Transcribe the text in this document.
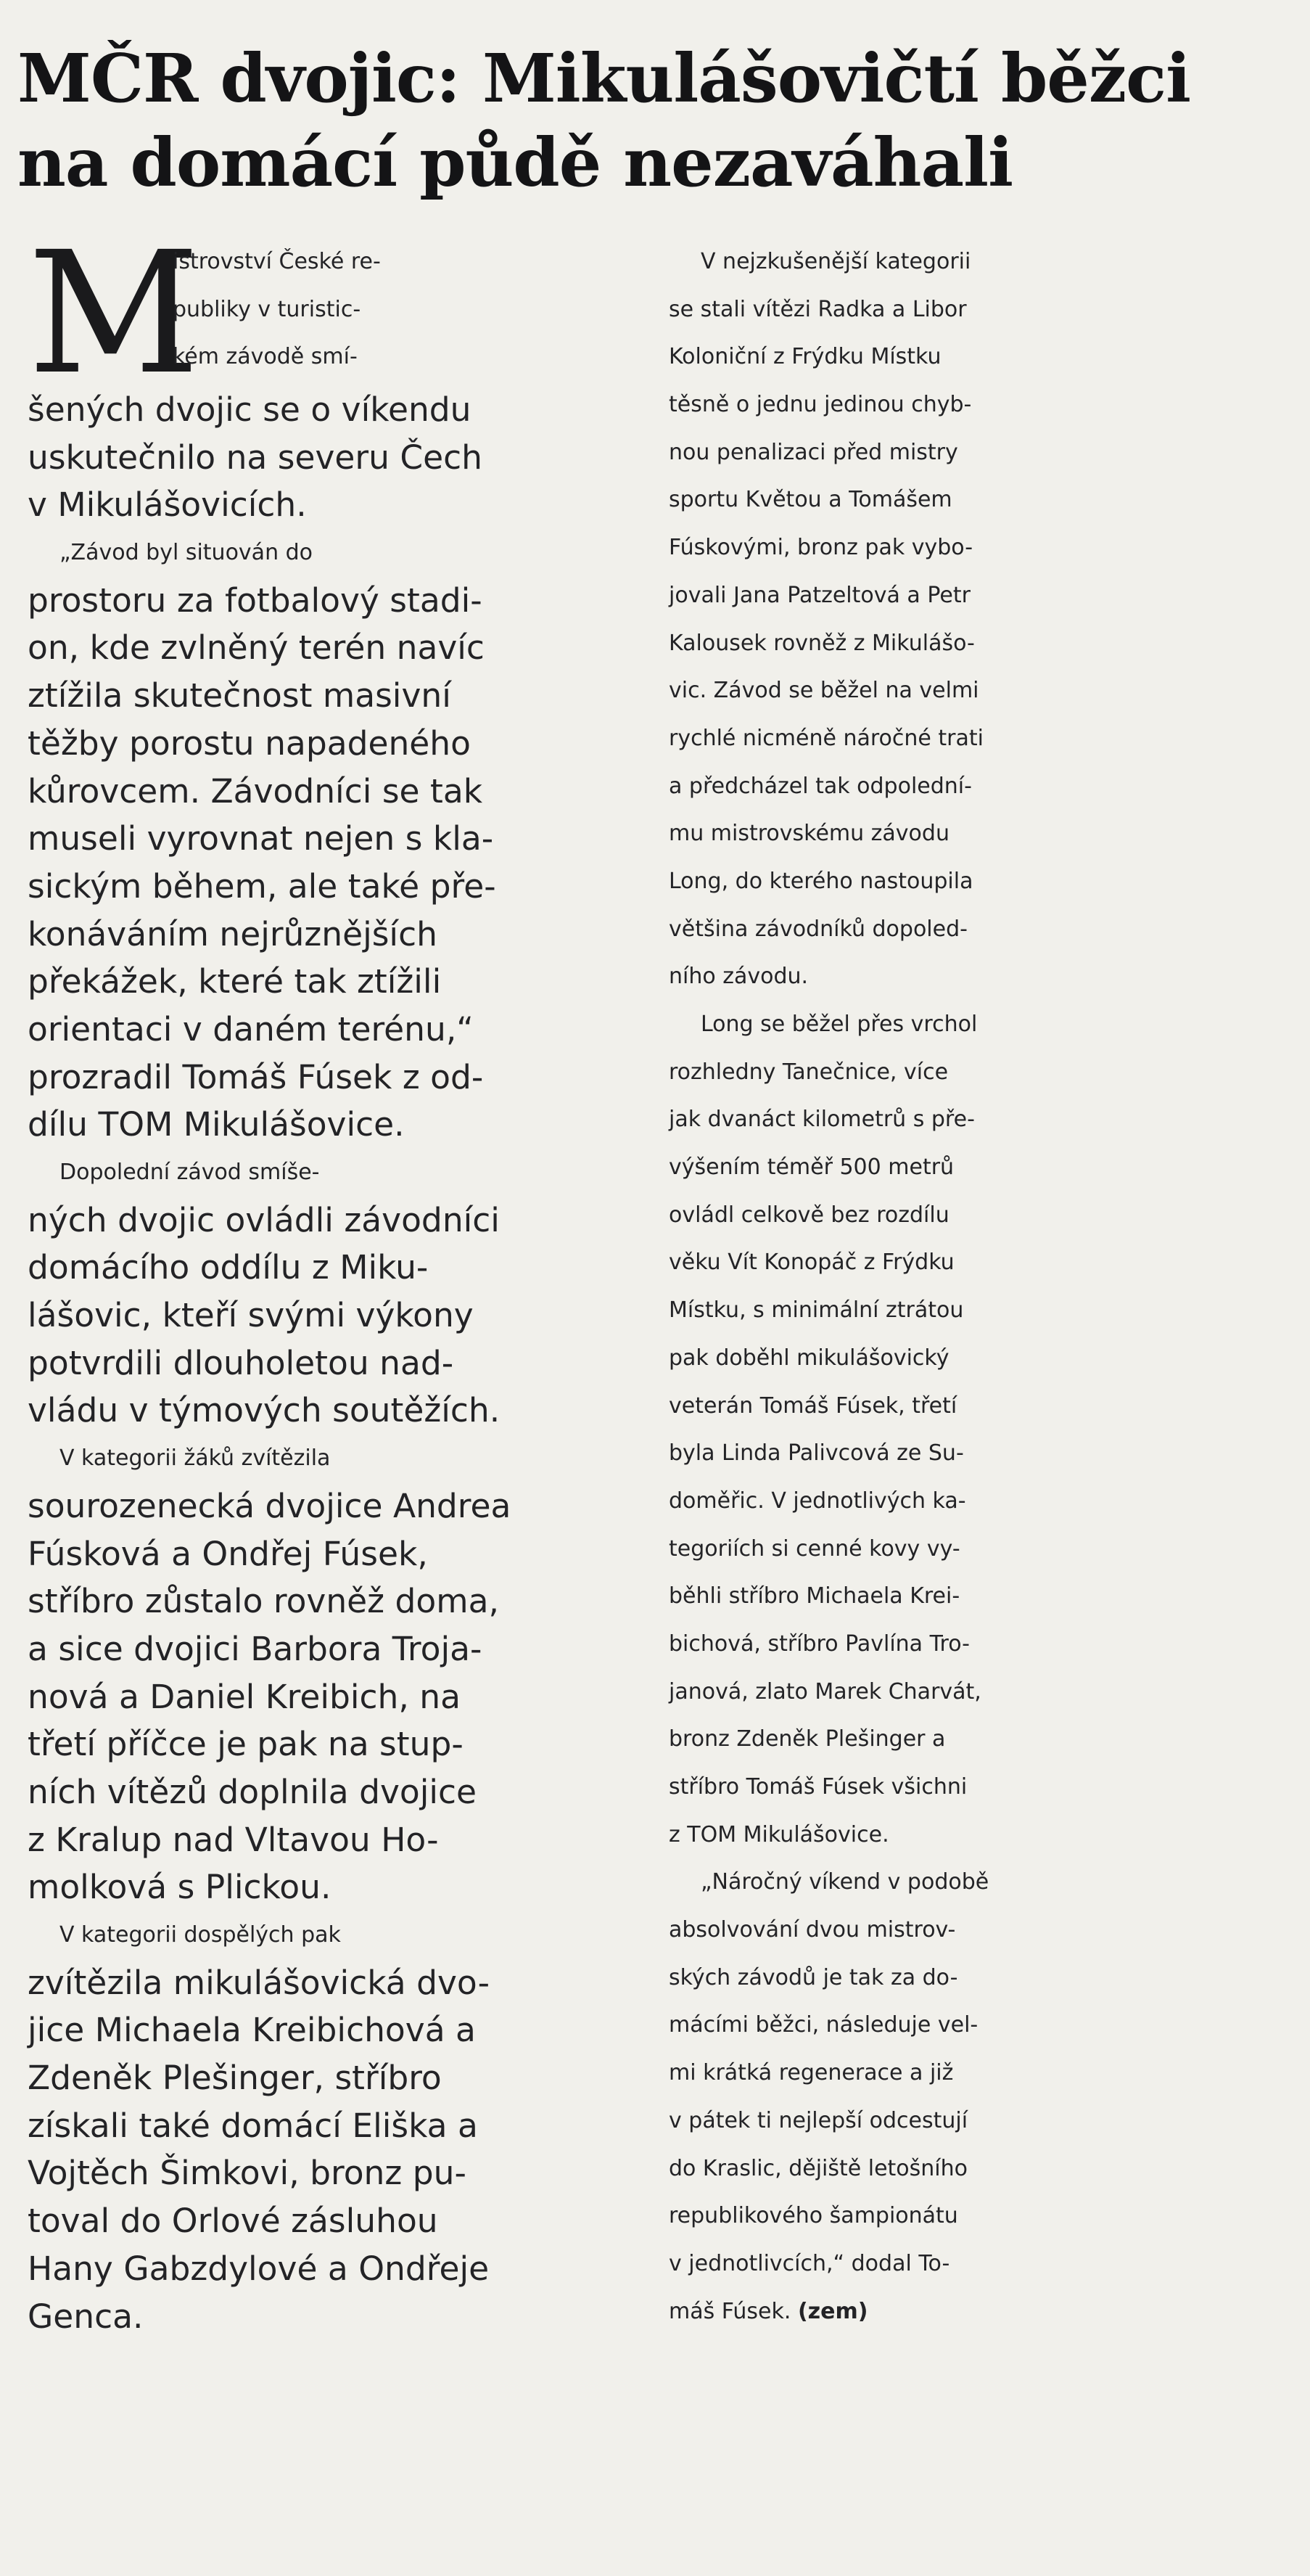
MČR dvojic: Mikulášovičtí běžci
na domácí půdě nezaváhali
M
istrovství České re-
publiky v turistic-
kém závodě smí-
šených dvojic se o víkendu
uskutečnilo na severu Čech
v Mikulášovicích.
„Závod byl situován do
prostoru za fotbalový stadi-
on, kde zvlněný terén navíc
ztížila skutečnost masivní
těžby porostu napadeného
kůrovcem. Závodníci se tak
museli vyrovnat nejen s kla-
sickým během, ale také pře-
konáváním nejrůznějších
překážek, které tak ztížili
orientaci v daném terénu,“
prozradil Tomáš Fúsek z od-
dílu TOM Mikulášovice.
Dopolední závod smíše-
ných dvojic ovládli závodníci
domácího oddílu z Miku-
lášovic, kteří svými výkony
potvrdili dlouholetou nad-
vládu v týmových soutěžích.
V kategorii žáků zvítězila
sourozenecká dvojice Andrea
Fúsková a Ondřej Fúsek,
stříbro zůstalo rovněž doma,
a sice dvojici Barbora Troja-
nová a Daniel Kreibich, na
třetí příčce je pak na stup-
ních vítězů doplnila dvojice
z Kralup nad Vltavou Ho-
molková s Plickou.
V kategorii dospělých pak
zvítězila mikulášovická dvo-
jice Michaela Kreibichová a
Zdeněk Plešinger, stříbro
získali také domácí Eliška a
Vojtěch Šimkovi, bronz pu-
toval do Orlové zásluhou
Hany Gabzdylové a Ondřeje
Genca.
V nejzkušenější kategorii
se stali vítězi Radka a Libor
Koloniční z Frýdku Místku
těsně o jednu jedinou chyb-
nou penalizaci před mistry
sportu Květou a Tomášem
Fúskovými, bronz pak vybo-
jovali Jana Patzeltová a Petr
Kalousek rovněž z Mikulášo-
vic. Závod se běžel na velmi
rychlé nicméně náročné trati
a předcházel tak odpolední-
mu mistrovskému závodu
Long, do kterého nastoupila
většina závodníků dopoled-
ního závodu.
Long se běžel přes vrchol
rozhledny Tanečnice, více
jak dvanáct kilometrů s pře-
výšením téměř 500 metrů
ovládl celkově bez rozdílu
věku Vít Konopáč z Frýdku
Místku, s minimální ztrátou
pak doběhl mikulášovický
veterán Tomáš Fúsek, třetí
byla Linda Palivcová ze Su-
doměřic. V jednotlivých ka-
tegoriích si cenné kovy vy-
běhli stříbro Michaela Krei-
bichová, stříbro Pavlína Tro-
janová, zlato Marek Charvát,
bronz Zdeněk Plešinger a
stříbro Tomáš Fúsek všichni
z TOM Mikulášovice.
„Náročný víkend v podobě
absolvování dvou mistrov-
ských závodů je tak za do-
mácími běžci, následuje vel-
mi krátká regenerace a již
v pátek ti nejlepší odcestují
do Kraslic, dějiště letošního
republikového šampionátu
v jednotlivcích,“ dodal To-
máš Fúsek. (zem)
